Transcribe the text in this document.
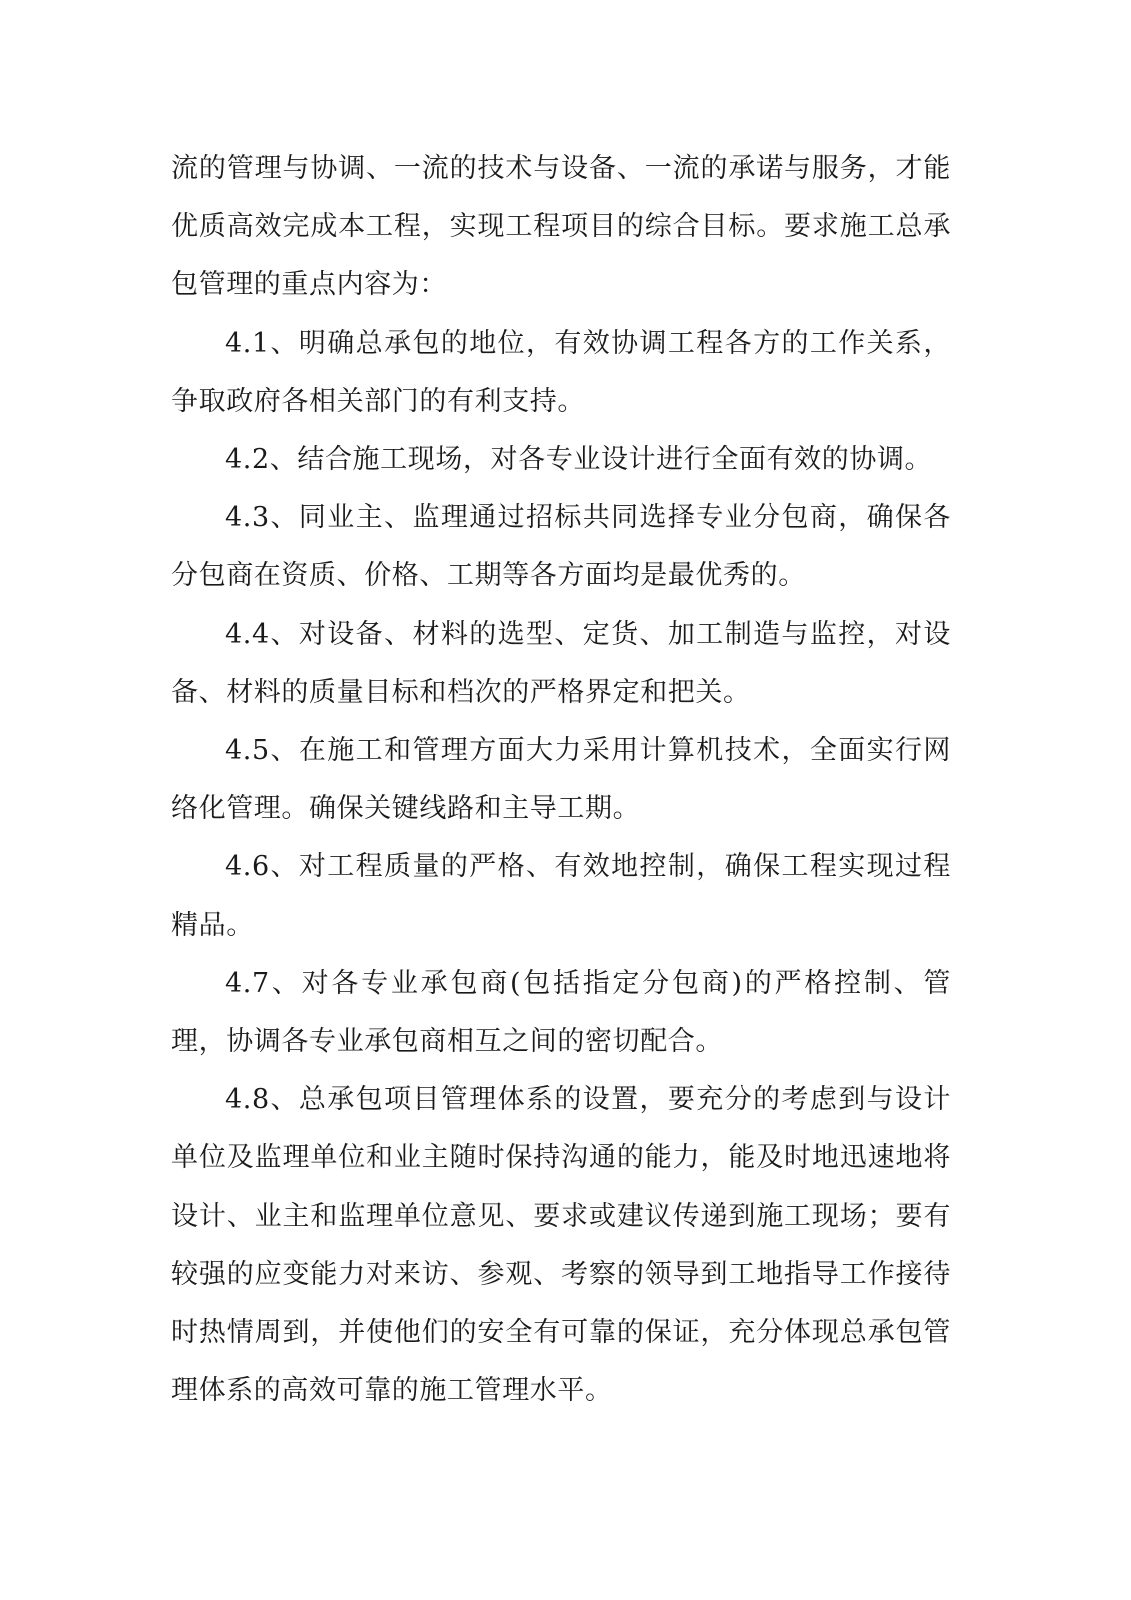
流的管理与协调、一流的技术与设备、一流的承诺与服务，才能优质高效完成本工程，实现工程项目的综合目标。要求施工总承包管理的重点内容为：

4.1、明确总承包的地位，有效协调工程各方的工作关系，争取政府各相关部门的有利支持。

4.2、结合施工现场，对各专业设计进行全面有效的协调。

4.3、同业主、监理通过招标共同选择专业分包商，确保各分包商在资质、价格、工期等各方面均是最优秀的。

4.4、对设备、材料的选型、定货、加工制造与监控，对设备、材料的质量目标和档次的严格界定和把关。

4.5、在施工和管理方面大力采用计算机技术，全面实行网络化管理。确保关键线路和主导工期。

4.6、对工程质量的严格、有效地控制，确保工程实现过程精品。

4.7、对各专业承包商(包括指定分包商)的严格控制、管理，协调各专业承包商相互之间的密切配合。

4.8、总承包项目管理体系的设置，要充分的考虑到与设计单位及监理单位和业主随时保持沟通的能力，能及时地迅速地将设计、业主和监理单位意见、要求或建议传递到施工现场；要有较强的应变能力对来访、参观、考察的领导到工地指导工作接待时热情周到，并使他们的安全有可靠的保证，充分体现总承包管理体系的高效可靠的施工管理水平。
